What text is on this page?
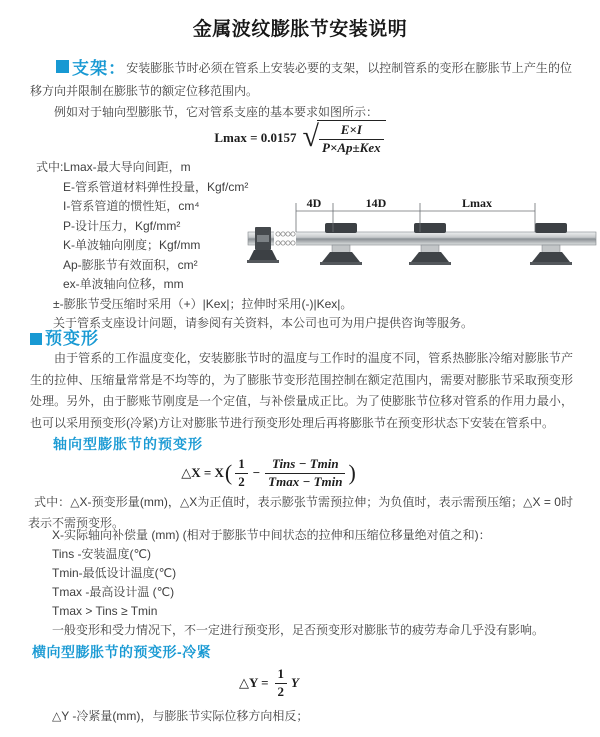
金属波纹膨胀节安装说明
支架：安装膨胀节时必须在管系上安装必要的支架，以控制管系的变形在膨胀节上产生的位移方向并限制在膨胀节的额定位移范围内。
例如对于轴向型膨胀节，它对管系支座的基本要求如图所示：
Lmax = 0.0157 √ $\frac{E\times I}{\text{P×Ap±Kex}}$
式中:Lmax-最大导向间距，m
E-管系管道材料弹性投量，Kgf/cm²
I-管系管道的惯性矩，cm⁴
P-设计压力，Kgf/mm²
K-单波轴向刚度；Kgf/mm
Ap-膨胀节有效面积，cm²
ex-单波轴向位移，mm
±-膨胀节受压缩时采用（+）|Kex|；拉伸时采用(-)|Kex|。
关于管系支座设计问题，请参阅有关资料，本公司也可为用户提供咨询等服务。
4D	14D	Lmax
预变形
由于管系的工作温度变化，安装膨胀节时的温度与工作时的温度不同，管系热膨胀冷缩对膨胀节产生的拉伸、压缩量常常是不均等的，为了膨胀节变形范围控制在额定范围内，需要对膨胀节采取预变形处理。另外，由于膨账节刚度是一个定值，与补偿量成正比。为了使膨胀节位移对管系的作用力最小，也可以采用预变形(冷紧)方让对膨胀节进行预变形处理后再将膨胀节在预变形状态下安装在管系中。
轴向型膨胀节的预变形
△X = X ( $\frac{1}{2} - \frac{\text{Tins − Tmin}}{Tmax - Tmin}$ )
式中：△X-预变形量(mm)，△X为正值时，表示膨张节需预拉伸；为负值时，表示需预压缩；△X = 0时表示不需预变形。
X-实际轴向补偿量 (mm) (相对于膨胀节中间状态的拉伸和压缩位移量绝对值之和)：
Tins -安装温度(℃)
Tmin-最低设计温度(℃)
Tmax -最高设计温 (℃)
Tmax > Tins ≥ Tmin
一般变形和受力情况下，不一定进行预变形，足否预变形对膨胀节的疲劳寿命几乎没有影响。
横向型膨胀节的预变形-冷紧
△Y = $\frac{1}{2}$ Y
△Y -冷紧量(mm)，与膨胀节实际位移方向相反；
